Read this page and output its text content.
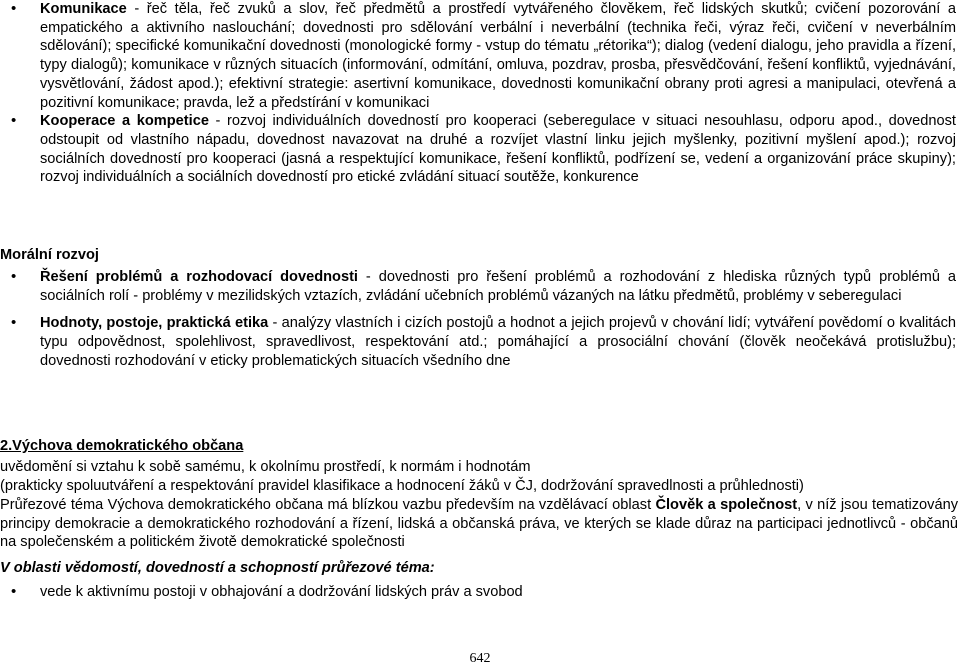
• Komunikace - řeč těla, řeč zvuků a slov, řeč předmětů a prostředí vytvářeného člověkem, řeč lidských skutků; cvičení pozorování a empatického a aktivního naslouchání; dovednosti pro sdělování verbální i neverbální (technika řeči, výraz řeči, cvičení v neverbálním sdělování); specifické komunikační dovednosti (monologické formy - vstup do tématu „rétorika“); dialog (vedení dialogu, jeho pravidla a řízení, typy dialogů); komunikace v různých situacích (informování, odmítání, omluva, pozdrav, prosba, přesvědčování, řešení konfliktů, vyjednávání, vysvětlování, žádost apod.); efektivní strategie: asertivní komunikace, dovednosti komunikační obrany proti agresi a manipulaci, otevřená a pozitivní komunikace; pravda, lež a předstírání v komunikaci
• Kooperace a kompetice - rozvoj individuálních dovedností pro kooperaci (seberegulace v situaci nesouhlasu, odporu apod., dovednost odstoupit od vlastního nápadu, dovednost navazovat na druhé a rozvíjet vlastní linku jejich myšlenky, pozitivní myšlení apod.); rozvoj sociálních dovedností pro kooperaci (jasná a respektující komunikace, řešení konfliktů, podřízení se, vedení a organizování práce skupiny); rozvoj individuálních a sociálních dovedností pro etické zvládání situací soutěže, konkurence
Morální rozvoj
• Řešení problémů a rozhodovací dovednosti - dovednosti pro řešení problémů a rozhodování z hlediska různých typů problémů a sociálních rolí - problémy v mezilidských vztazích, zvládání učebních problémů vázaných na látku předmětů, problémy v seberegulaci
• Hodnoty, postoje, praktická etika - analýzy vlastních i cizích postojů a hodnot a jejich projevů v chování lidí; vytváření povědomí o kvalitách typu odpovědnost, spolehlivost, spravedlivost, respektování atd.; pomáhající a prosociální chování (člověk neočekává protislužbu); dovednosti rozhodování v eticky problematických situacích všedního dne
2.Výchova demokratického občana
uvědomění si vztahu k sobě samému, k okolnímu prostředí, k normám i hodnotám
(prakticky spoluutváření a respektování pravidel klasifikace a hodnocení žáků v ČJ, dodržování spravedlnosti a průhlednosti)
Průřezové téma Výchova demokratického občana má blízkou vazbu především na vzdělávací oblast Člověk a společnost, v níž jsou tematizovány principy demokracie a demokratického rozhodování a řízení, lidská a občanská práva, ve kterých se klade důraz na participaci jednotlivců - občanů na společenském a politickém životě demokratické společnosti
V oblasti vědomostí, dovedností a schopností průřezové téma:
• vede k aktivnímu postoji v obhajování a dodržování lidských práv a svobod
642
